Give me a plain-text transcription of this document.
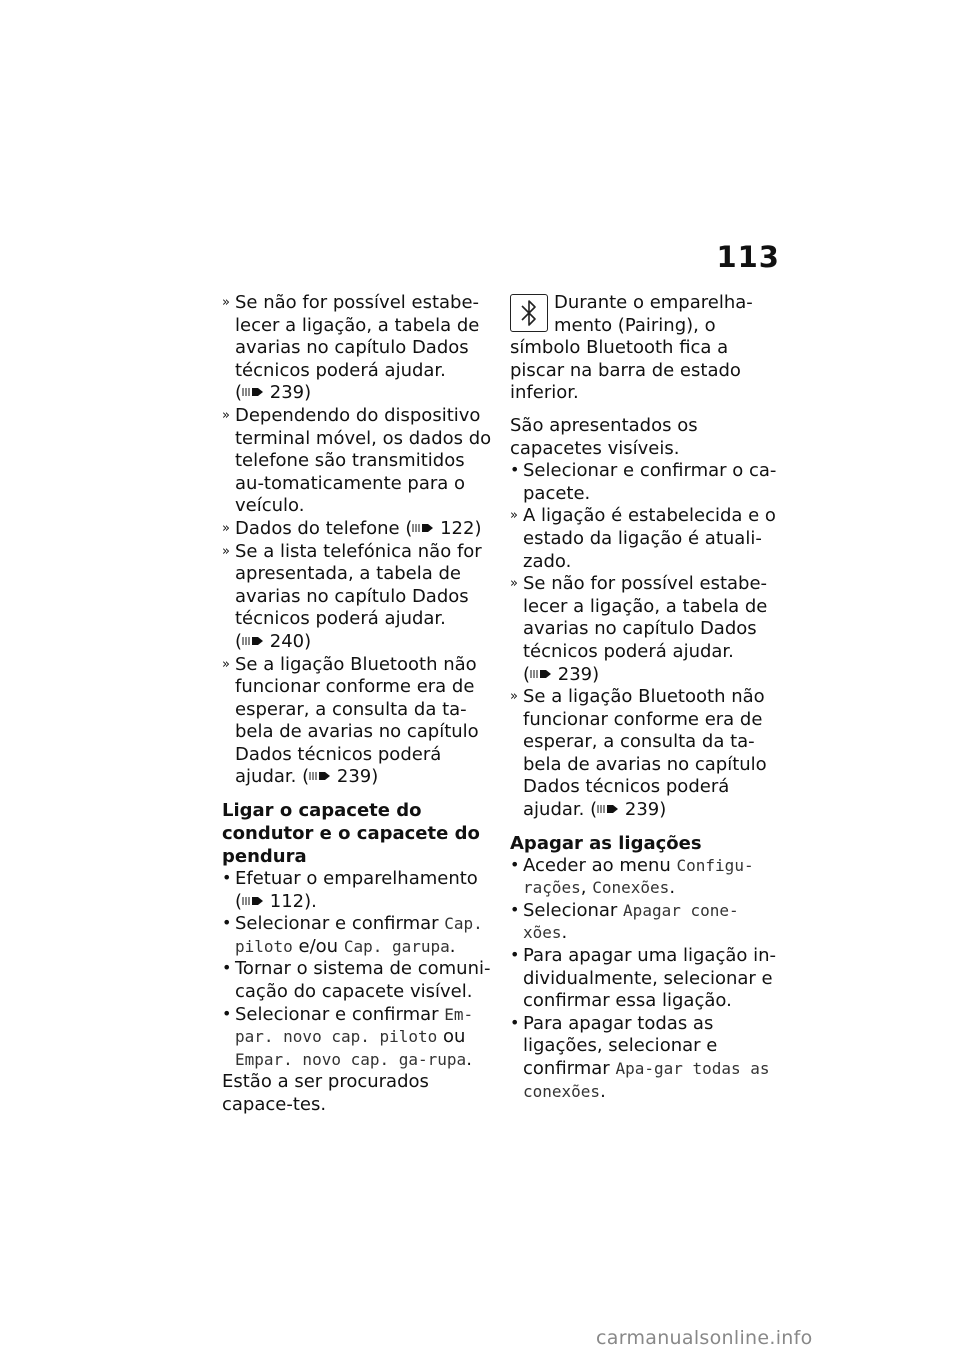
113
» Se não for possível estabe-lecer a ligação, a tabela de avarias no capítulo Dados técnicos poderá ajudar. ( 239)
» Dependendo do dispositivo terminal móvel, os dados do telefone são transmitidos au-tomaticamente para o veículo.
» Dados do telefone ( 122)
» Se a lista telefónica não for apresentada, a tabela de avarias no capítulo Dados técnicos poderá ajudar. ( 240)
» Se a ligação Bluetooth não funcionar conforme era de esperar, a consulta da ta-bela de avarias no capítulo Dados técnicos poderá ajudar. ( 239)

Ligar o capacete do condutor e o capacete do pendura

• Efetuar o emparelhamento ( 112).
• Selecionar e confirmar Cap. piloto e/ou Cap. garupa.
• Tornar o sistema de comuni-cação do capacete visível.
• Selecionar e confirmar Em-par. novo cap. piloto ou Empar. novo cap. ga-rupa.

Estão a ser procurados capace-tes.

Durante o emparelha-mento (Pairing), o símbolo Bluetooth fica a piscar na barra de estado inferior.

São apresentados os capacetes visíveis.

• Selecionar e confirmar o ca-pacete.
» A ligação é estabelecida e o estado da ligação é atuali-zado.
» Se não for possível estabe-lecer a ligação, a tabela de avarias no capítulo Dados técnicos poderá ajudar. ( 239)
» Se a ligação Bluetooth não funcionar conforme era de esperar, a consulta da ta-bela de avarias no capítulo Dados técnicos poderá ajudar. ( 239)

Apagar as ligações

• Aceder ao menu Configu-rações, Conexões.
• Selecionar Apagar cone-xões.
• Para apagar uma ligação in-dividualmente, selecionar e confirmar essa ligação.
• Para apagar todas as ligações, selecionar e confirmar Apa-gar todas as conexões.
carmanualsonline.info
